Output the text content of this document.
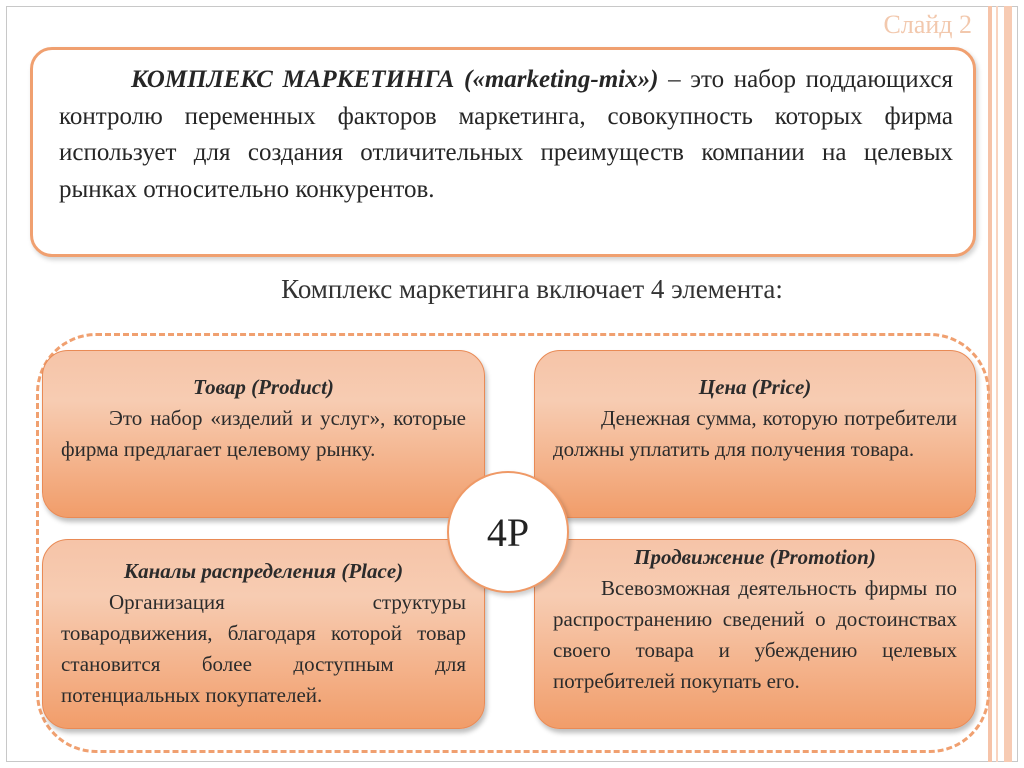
Слайд 2

КОМПЛЕКС МАРКЕТИНГА («marketing-mix») – это набор поддающихся контролю переменных факторов маркетинга, совокупность которых фирма использует для создания отличительных преимуществ компании на целевых рынках относительно конкурентов.

Комплекс маркетинга включает 4 элемента:
Товар (Product)

Это набор «изделий и услуг», которые фирма предлагает целевому рынку.

Цена (Price)

Денежная сумма, которую потребители должны уплатить для получения товара.

Каналы распределения (Place)

Организация структуры товародвижения, благодаря которой товар становится более доступным для потенциальных покупателей.

Продвижение (Promotion)

Всевозможная деятельность фирмы по распространению сведений о достоинствах своего товара и убеждению целевых потребителей покупать его.

4P
